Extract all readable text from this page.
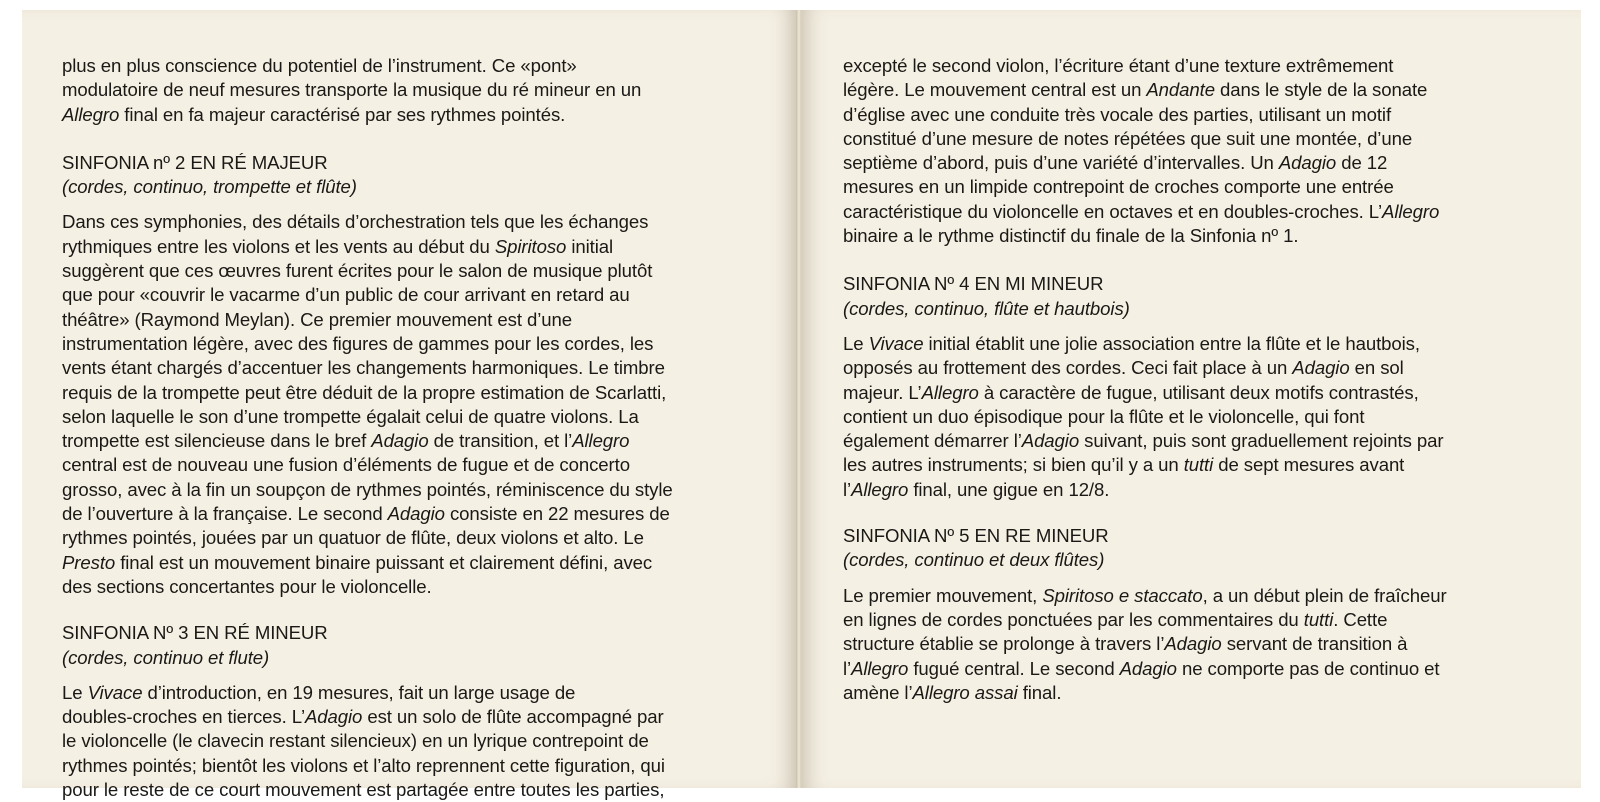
plus en plus conscience du potentiel de l’instrument. Ce «pont»

modulatoire de neuf mesures transporte la musique du ré mineur en un

Allegro final en fa majeur caractérisé par ses rythmes pointés.

SINFONIA nº 2 EN RÉ MAJEUR

(cordes, continuo, trompette et flûte)

Dans ces symphonies, des détails d’orchestration tels que les échanges

rythmiques entre les violons et les vents au début du Spiritoso initial

suggèrent que ces œuvres furent écrites pour le salon de musique plutôt

que pour «couvrir le vacarme d’un public de cour arrivant en retard au

théâtre» (Raymond Meylan). Ce premier mouvement est d’une

instrumentation légère, avec des figures de gammes pour les cordes, les

vents étant chargés d’accentuer les changements harmoniques. Le timbre

requis de la trompette peut être déduit de la propre estimation de Scarlatti,

selon laquelle le son d’une trompette égalait celui de quatre violons. La

trompette est silencieuse dans le bref Adagio de transition, et l’Allegro

central est de nouveau une fusion d’éléments de fugue et de concerto

grosso, avec à la fin un soupçon de rythmes pointés, réminiscence du style

de l’ouverture à la française. Le second Adagio consiste en 22 mesures de

rythmes pointés, jouées par un quatuor de flûte, deux violons et alto. Le

Presto final est un mouvement binaire puissant et clairement défini, avec

des sections concertantes pour le violoncelle.

SINFONIA Nº 3 EN RÉ MINEUR

(cordes, continuo et flute)

Le Vivace d’introduction, en 19 mesures, fait un large usage de

doubles-croches en tierces. L’Adagio est un solo de flûte accompagné par

le violoncelle (le clavecin restant silencieux) en un lyrique contrepoint de

rythmes pointés; bientôt les violons et l’alto reprennent cette figuration, qui

pour le reste de ce court mouvement est partagée entre toutes les parties,

excepté le second violon, l’écriture étant d’une texture extrêmement

légère. Le mouvement central est un Andante dans le style de la sonate

d’église avec une conduite très vocale des parties, utilisant un motif

constitué d’une mesure de notes répétées que suit une montée, d’une

septième d’abord, puis d’une variété d’intervalles. Un Adagio de 12

mesures en un limpide contrepoint de croches comporte une entrée

caractéristique du violoncelle en octaves et en doubles-croches. L’Allegro

binaire a le rythme distinctif du finale de la Sinfonia nº 1.

SINFONIA Nº 4 EN MI MINEUR

(cordes, continuo, flûte et hautbois)

Le Vivace initial établit une jolie association entre la flûte et le hautbois,

opposés au frottement des cordes. Ceci fait place à un Adagio en sol

majeur. L’Allegro à caractère de fugue, utilisant deux motifs contrastés,

contient un duo épisodique pour la flûte et le violoncelle, qui font

également démarrer l’Adagio suivant, puis sont graduellement rejoints par

les autres instruments; si bien qu’il y a un tutti de sept mesures avant

l’Allegro final, une gigue en 12/8.

SINFONIA Nº 5 EN RE MINEUR

(cordes, continuo et deux flûtes)

Le premier mouvement, Spiritoso e staccato, a un début plein de fraîcheur

en lignes de cordes ponctuées par les commentaires du tutti. Cette

structure établie se prolonge à travers l’Adagio servant de transition à

l’Allegro fugué central. Le second Adagio ne comporte pas de continuo et

amène l’Allegro assai final.
